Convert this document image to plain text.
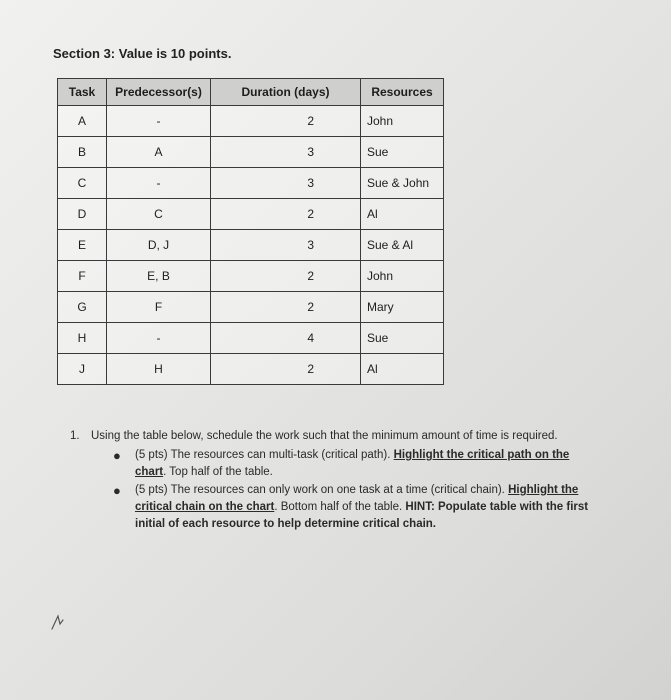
Section 3: Value is 10 points.
Task	Predecessor(s)	Duration (days)	Resources
A	-	2	John
B	A	3	Sue
C	-	3	Sue & John
D	C	2	Al
E	D, J	3	Sue & Al
F	E, B	2	John
G	F	2	Mary
H	-	4	Sue
J	H	2	Al
1. Using the table below, schedule the work such that the minimum amount of time is required.
● (5 pts) The resources can multi-task (critical path). Highlight the critical path on the chart. Top half of the table.
● (5 pts) The resources can only work on one task at a time (critical chain). Highlight the critical chain on the chart. Bottom half of the table. HINT: Populate table with the first initial of each resource to help determine critical chain.
